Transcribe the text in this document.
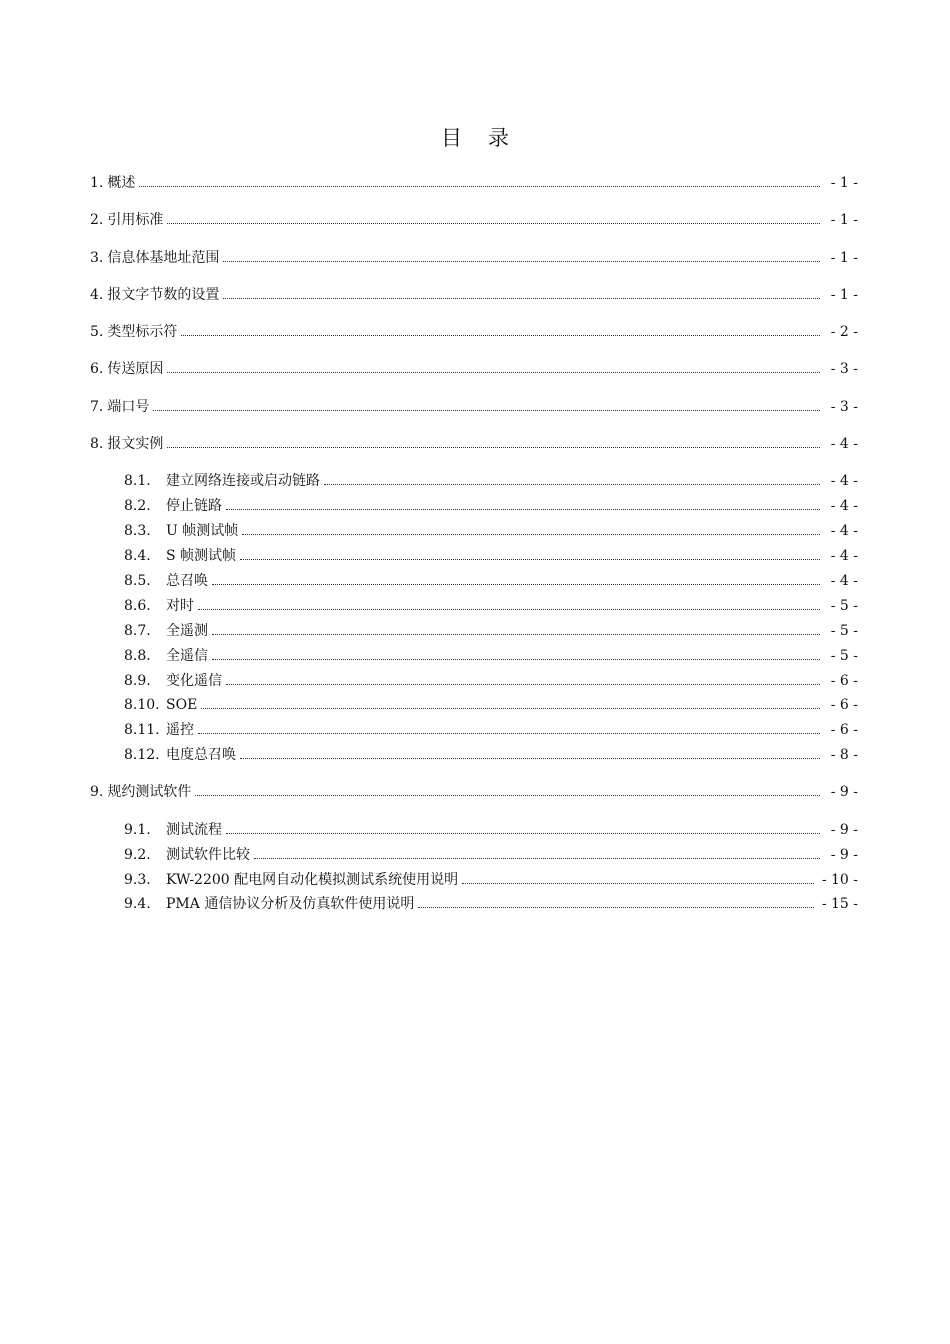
目 录
1. 概述	- 1 -
2. 引用标准	- 1 -
3. 信息体基地址范围	- 1 -
4. 报文字节数的设置	- 1 -
5. 类型标示符	- 2 -
6. 传送原因	- 3 -
7. 端口号	- 3 -
8. 报文实例	- 4 -
8.1.	建立网络连接或启动链路	- 4 -
8.2.	停止链路	- 4 -
8.3.	U 帧测试帧	- 4 -
8.4.	S 帧测试帧	- 4 -
8.5.	总召唤	- 4 -
8.6.	对时	- 5 -
8.7.	全遥测	- 5 -
8.8.	全遥信	- 5 -
8.9.	变化遥信	- 6 -
8.10. SOE	- 6 -
8.11. 遥控	- 6 -
8.12. 电度总召唤	- 8 -
9. 规约测试软件	- 9 -
9.1.	测试流程	- 9 -
9.2.	测试软件比较	- 9 -
9.3.	KW-2200 配电网自动化模拟测试系统使用说明	- 10 -
9.4.	PMA 通信协议分析及仿真软件使用说明	- 15 -
